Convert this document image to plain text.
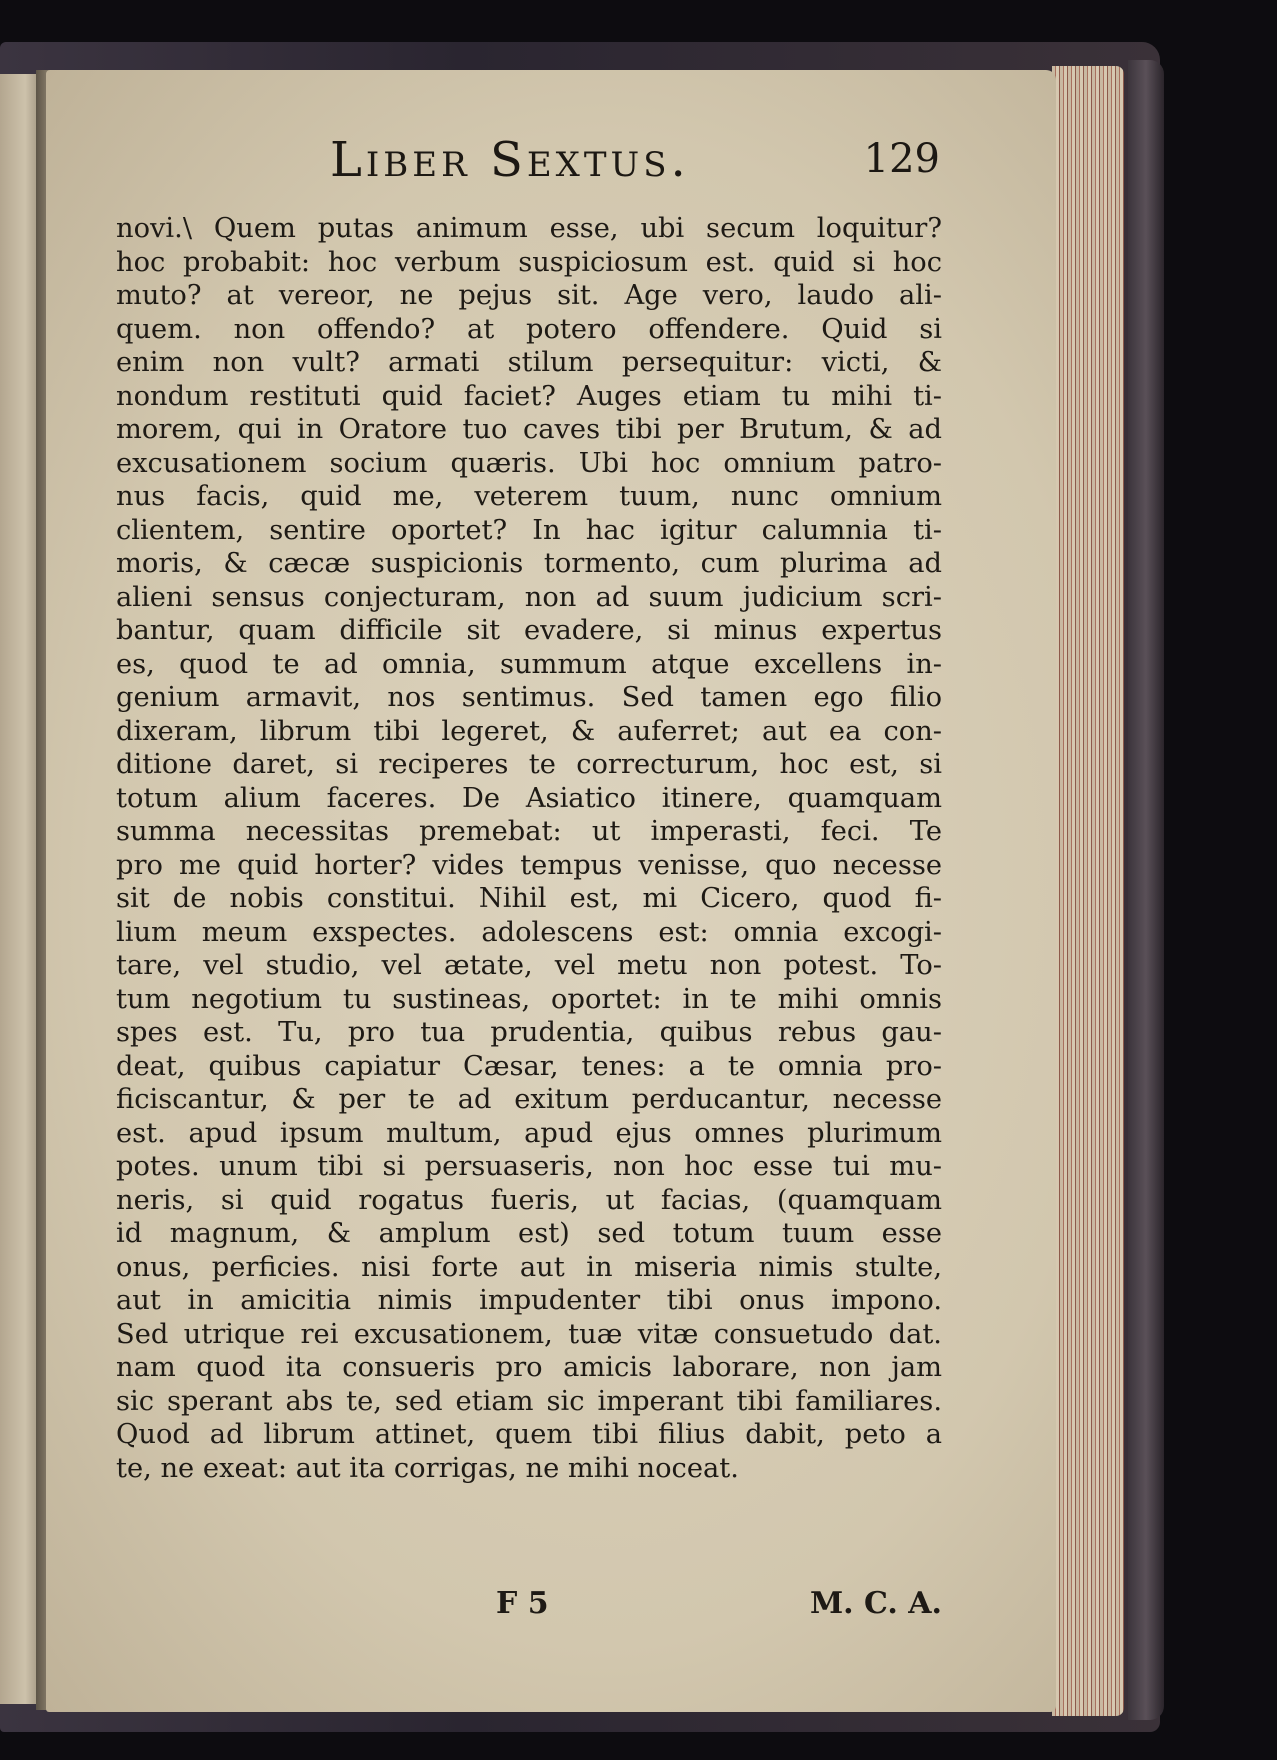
Liber Sextus.	129
novi.\ Quem putas animum esse, ubi secum loquitur?
hoc probabit: hoc verbum suspiciosum est. quid si hoc
muto? at vereor, ne pejus sit. Age vero, laudo ali-
quem. non offendo? at potero offendere. Quid si
enim non vult? armati stilum persequitur: victi, &
nondum restituti quid faciet? Auges etiam tu mihi ti-
morem, qui in Oratore tuo caves tibi per Brutum, & ad
excusationem socium quæris. Ubi hoc omnium patro-
nus facis, quid me, veterem tuum, nunc omnium
clientem, sentire oportet? In hac igitur calumnia ti-
moris, & cæcæ suspicionis tormento, cum plurima ad
alieni sensus conjecturam, non ad suum judicium scri-
bantur, quam difficile sit evadere, si minus expertus
es, quod te ad omnia, summum atque excellens in-
genium armavit, nos sentimus. Sed tamen ego filio
dixeram, librum tibi legeret, & auferret; aut ea con-
ditione daret, si reciperes te correcturum, hoc est, si
totum alium faceres. De Asiatico itinere, quamquam
summa necessitas premebat: ut imperasti, feci. Te
pro me quid horter? vides tempus venisse, quo necesse
sit de nobis constitui. Nihil est, mi Cicero, quod fi-
lium meum exspectes. adolescens est: omnia excogi-
tare, vel studio, vel ætate, vel metu non potest. To-
tum negotium tu sustineas, oportet: in te mihi omnis
spes est. Tu, pro tua prudentia, quibus rebus gau-
deat, quibus capiatur Cæsar, tenes: a te omnia pro-
ficiscantur, & per te ad exitum perducantur, necesse
est. apud ipsum multum, apud ejus omnes plurimum
potes. unum tibi si persuaseris, non hoc esse tui mu-
neris, si quid rogatus fueris, ut facias, (quamquam
id magnum, & amplum est) sed totum tuum esse
onus, perficies. nisi forte aut in miseria nimis stulte,
aut in amicitia nimis impudenter tibi onus impono.
Sed utrique rei excusationem, tuæ vitæ consuetudo dat.
nam quod ita consueris pro amicis laborare, non jam
sic sperant abs te, sed etiam sic imperant tibi familiares.
Quod ad librum attinet, quem tibi filius dabit, peto a
te, ne exeat: aut ita corrigas, ne mihi noceat.
F 5	M. C. A.
